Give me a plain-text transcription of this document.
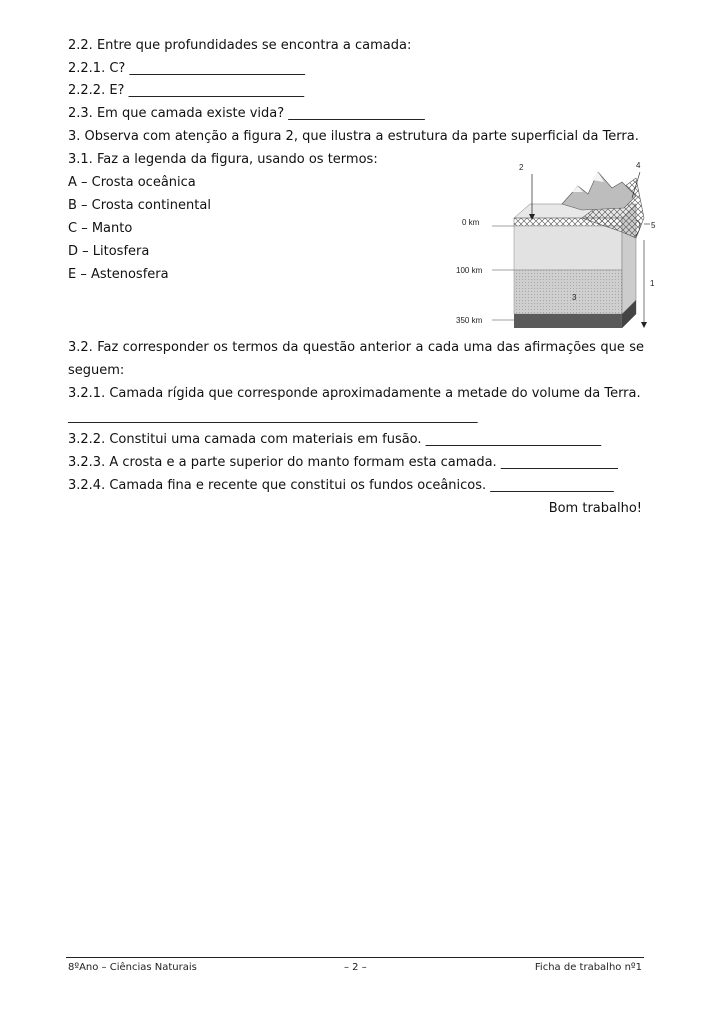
2.2. Entre que profundidades se encontra a camada:
2.2.1. C? ___________________________
2.2.2. E? ___________________________
2.3. Em que camada existe vida? _____________________
3. Observa com atenção a figura 2, que ilustra a estrutura da parte superficial da Terra.
3.1. Faz a legenda da figura, usando os termos:
A – Crosta oceânica
B – Crosta continental
C – Manto
D – Litosfera
E – Astenosfera
0 km
100 km
350 km
2	4
5
1
3
3.2. Faz corresponder os termos da questão anterior a cada uma das afirmações que se
seguem:
3.2.1. Camada rígida que corresponde aproximadamente a metade do volume da Terra.
_______________________________________________________________
3.2.2. Constitui uma camada com materiais em fusão. ___________________________
3.2.3. A crosta e a parte superior do manto formam esta camada. __________________
3.2.4. Camada fina e recente que constitui os fundos oceânicos. ___________________
Bom trabalho!
8ºAno – Ciências Naturais	– 2 –	Ficha de trabalho nº1
